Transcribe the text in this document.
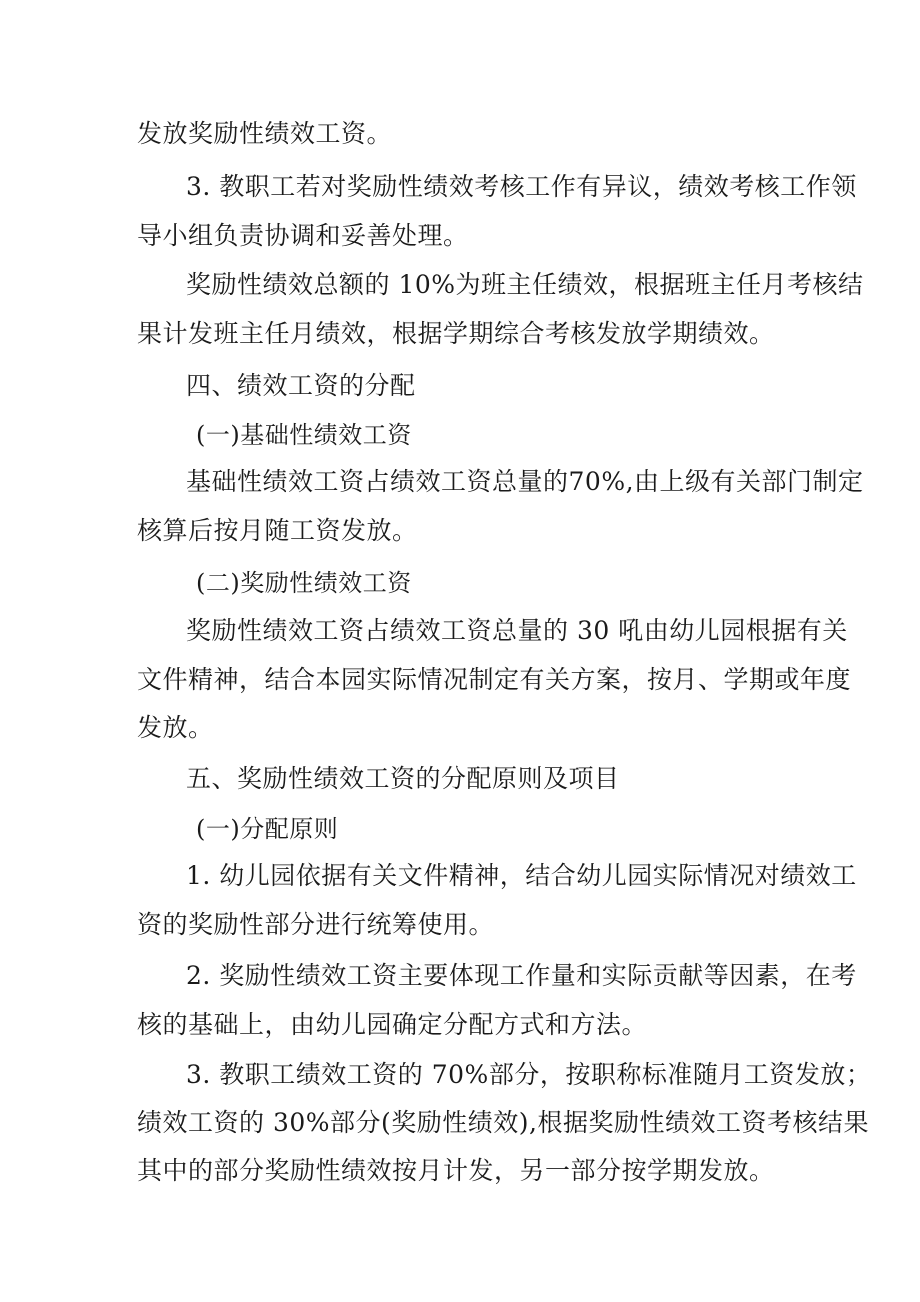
发放奖励性绩效工资。
3. 教职工若对奖励性绩效考核工作有异议，绩效考核工作领
导小组负责协调和妥善处理。
奖励性绩效总额的 10%为班主任绩效，根据班主任月考核结
果计发班主任月绩效，根据学期综合考核发放学期绩效。
四、绩效工资的分配
(一)基础性绩效工资
基础性绩效工资占绩效工资总量的70%,由上级有关部门制定
核算后按月随工资发放。
(二)奖励性绩效工资
奖励性绩效工资占绩效工资总量的 30 吼由幼儿园根据有关
文件精神，结合本园实际情况制定有关方案，按月、学期或年度
发放。
五、奖励性绩效工资的分配原则及项目
(一)分配原则
1. 幼儿园依据有关文件精神，结合幼儿园实际情况对绩效工
资的奖励性部分进行统筹使用。
2. 奖励性绩效工资主要体现工作量和实际贡献等因素，在考
核的基础上，由幼儿园确定分配方式和方法。
3. 教职工绩效工资的 70%部分，按职称标准随月工资发放；
绩效工资的 30%部分(奖励性绩效),根据奖励性绩效工资考核结果
其中的部分奖励性绩效按月计发，另一部分按学期发放。
